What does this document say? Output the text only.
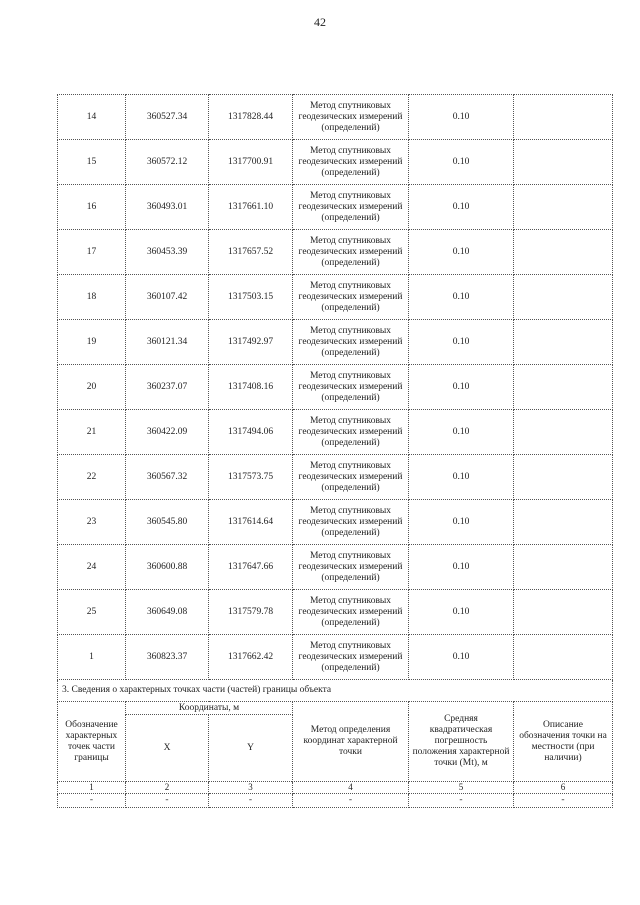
42
14	360527.34	1317828.44	Метод спутниковых
геодезических измерений
(определений)	0.10	
15	360572.12	1317700.91	Метод спутниковых
геодезических измерений
(определений)	0.10	
16	360493.01	1317661.10	Метод спутниковых
геодезических измерений
(определений)	0.10	
17	360453.39	1317657.52	Метод спутниковых
геодезических измерений
(определений)	0.10	
18	360107.42	1317503.15	Метод спутниковых
геодезических измерений
(определений)	0.10	
19	360121.34	1317492.97	Метод спутниковых
геодезических измерений
(определений)	0.10	
20	360237.07	1317408.16	Метод спутниковых
геодезических измерений
(определений)	0.10	
21	360422.09	1317494.06	Метод спутниковых
геодезических измерений
(определений)	0.10	
22	360567.32	1317573.75	Метод спутниковых
геодезических измерений
(определений)	0.10	
23	360545.80	1317614.64	Метод спутниковых
геодезических измерений
(определений)	0.10	
24	360600.88	1317647.66	Метод спутниковых
геодезических измерений
(определений)	0.10	
25	360649.08	1317579.78	Метод спутниковых
геодезических измерений
(определений)	0.10	
1	360823.37	1317662.42	Метод спутниковых
геодезических измерений
(определений)	0.10	
3. Сведения о характерных точках части (частей) границы объекта					
Обозначение
характерных
точек части
границы	Координаты, м		Метод определения
координат характерной
точки	Средняя
квадратическая
погрешность
положения характерной
точки (Mt), м	Описание
обозначения точки на
местности (при
наличии)
	X	Y			
1	2	3	4	5	6
-	-	-	-	-	-
